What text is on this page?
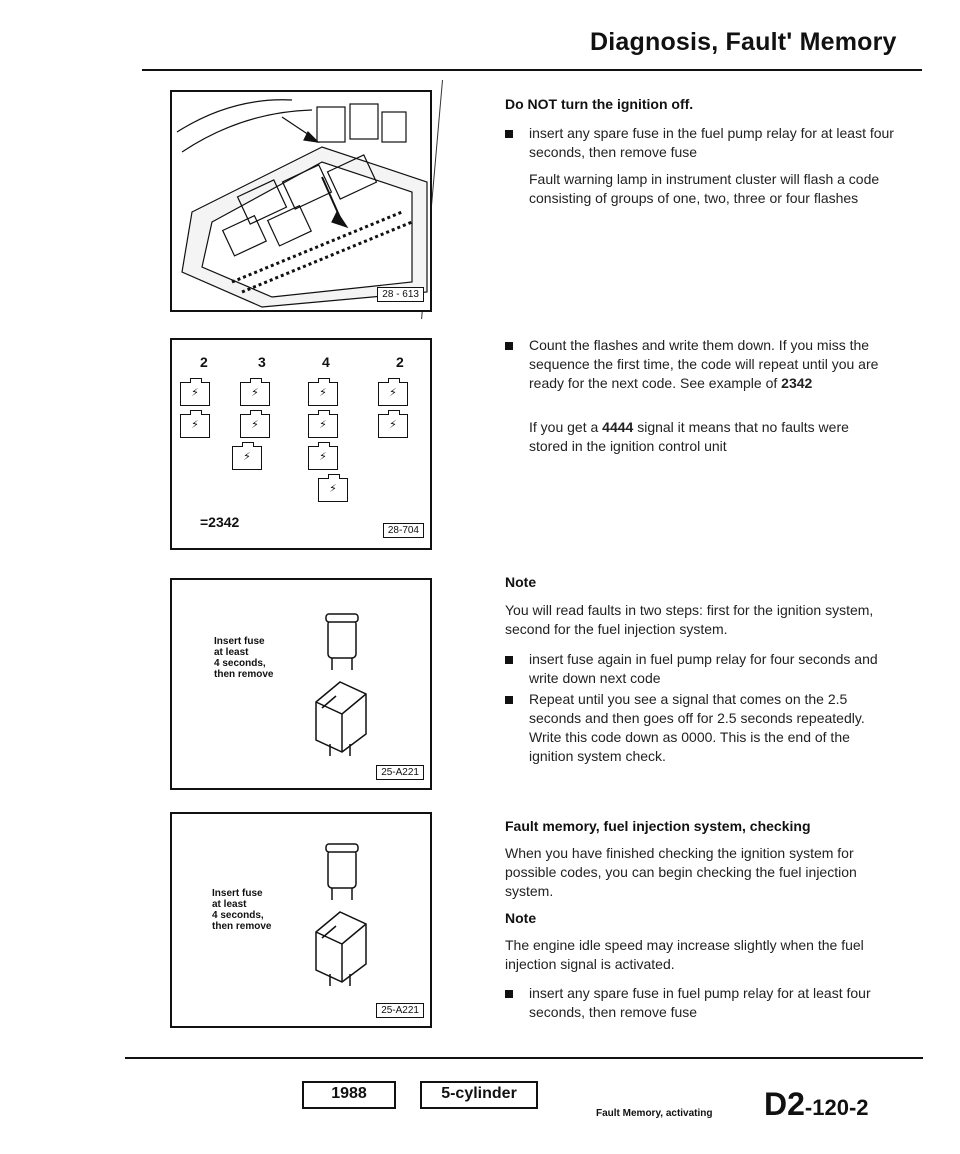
Diagnosis, Fault' Memory
28 - 613
2	3	4	2
⚡
⚡
⚡
⚡
⚡
⚡
⚡
⚡
⚡
⚡
⚡
=2342
28-704
Insert fuse
at least
4 seconds,
then remove
25-A221
Insert fuse
at least
4 seconds,
then remove
25-A221
Do NOT turn the ignition off.
insert any spare fuse in the fuel pump relay for at least four seconds, then remove fuse
Fault warning lamp in instrument cluster will flash a code consisting of groups of one, two, three or four flashes
Count the flashes and write them down. If you miss the sequence the first time, the code will repeat until you are ready for the next code. See example of 2342
If you get a 4444 signal it means that no faults were stored in the ignition control unit
Note
You will read faults in two steps: first for the ignition system, second for the fuel injection system.
insert fuse again in fuel pump relay for four seconds and write down next code
Repeat until you see a signal that comes on the 2.5 seconds and then goes off for 2.5 seconds repeatedly. Write this code down as 0000. This is the end of the ignition system check.
Fault memory, fuel injection system, checking
When you have finished checking the ignition system for possible codes, you can begin checking the fuel injection system.
Note
The engine idle speed may increase slightly when the fuel injection signal is activated.
insert any spare fuse in fuel pump relay for at least four seconds, then remove fuse
1988	5-cylinder
Fault Memory, activating D2-120-2
